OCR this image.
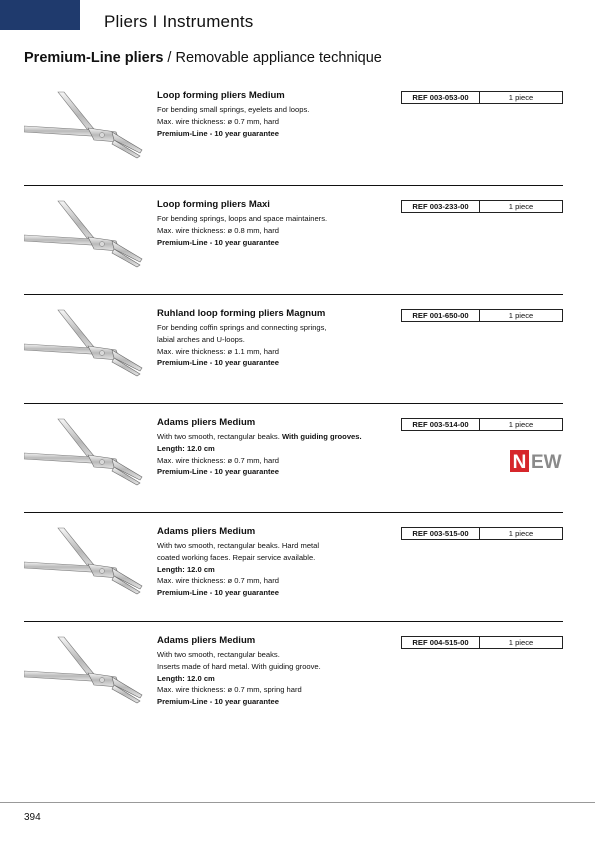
Pliers I Instruments
Premium-Line pliers / Removable appliance technique
Loop forming pliers Medium
For bending small springs, eyelets and loops.
Max. wire thickness: ø 0.7 mm, hard
Premium-Line - 10 year guarantee
REF 003-053-00	1 piece
Loop forming pliers Maxi
For bending springs, loops and space maintainers.
Max. wire thickness: ø 0.8 mm, hard
Premium-Line - 10 year guarantee
REF 003-233-00	1 piece
Ruhland loop forming pliers Magnum
For bending coffin springs and connecting springs,
labial arches and U-loops.
Max. wire thickness: ø 1.1 mm, hard
Premium-Line - 10 year guarantee
REF 001-650-00	1 piece
Adams pliers Medium
With two smooth, rectangular beaks. With guiding grooves.
Length: 12.0 cm
Max. wire thickness: ø 0.7 mm, hard
Premium-Line - 10 year guarantee
REF 003-514-00	1 piece
N EW
Adams pliers Medium
With two smooth, rectangular beaks. Hard metal
coated working faces. Repair service available.
Length: 12.0 cm
Max. wire thickness: ø 0.7 mm, hard
Premium-Line - 10 year guarantee
REF 003-515-00	1 piece
Adams pliers Medium
With two smooth, rectangular beaks.
Inserts made of hard metal. With guiding groove.
Length: 12.0 cm
Max. wire thickness: ø 0.7 mm, spring hard
Premium-Line - 10 year guarantee
REF 004-515-00	1 piece
394
